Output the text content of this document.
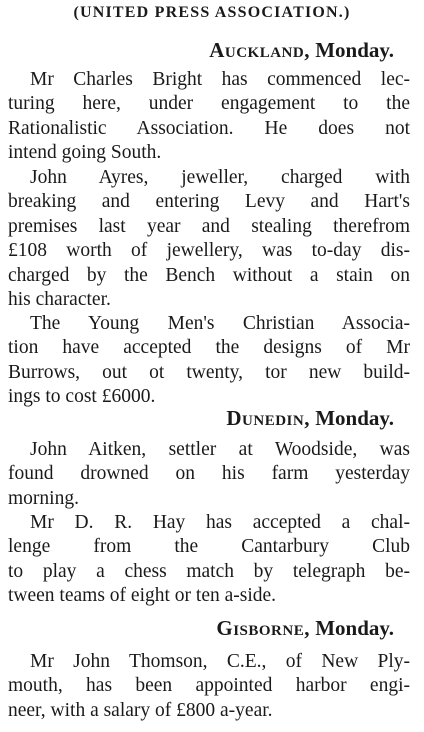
(UNITED PRESS ASSOCIATION.)
Auckland, Monday.
Mr Charles Bright has commenced lec-
turing here, under engagement to the
Rationalistic Association. He does not
intend going South.
John Ayres, jeweller, charged with
breaking and entering Levy and Hart's
premises last year and stealing therefrom
£108 worth of jewellery, was to-day dis-
charged by the Bench without a stain on
his character.
The Young Men's Christian Associa-
tion have accepted the designs of Mr
Burrows, out ot twenty, tor new build-
ings to cost £6000.
Dunedin, Monday.
John Aitken, settler at Woodside, was
found drowned on his farm yesterday
morning.
Mr D. R. Hay has accepted a chal-
lenge from the Cantarbury Club
to play a chess match by telegraph be-
tween teams of eight or ten a-side.
Gisborne, Monday.
Mr John Thomson, C.E., of New Ply-
mouth, has been appointed harbor engi-
neer, with a salary of £800 a-year.
